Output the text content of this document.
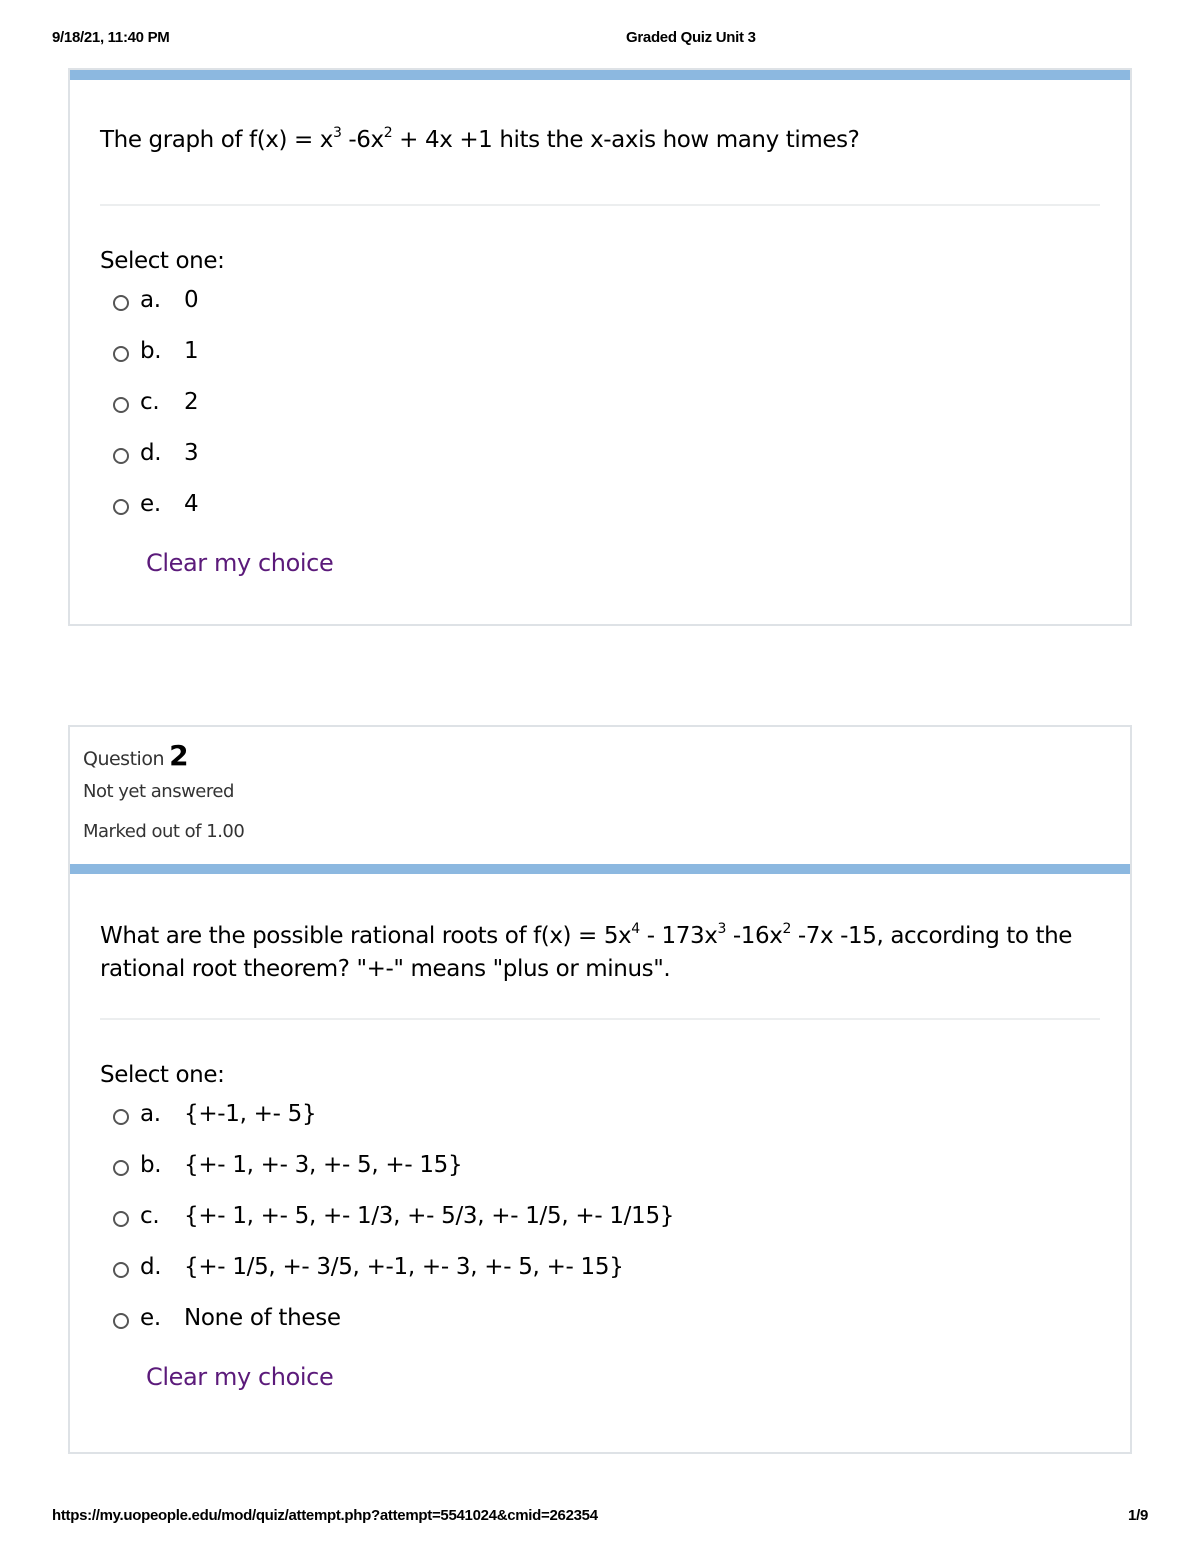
9/18/21, 11:40 PM	Graded Quiz Unit 3
The graph of $f(x) = x^3$ $-6x^2 + 4x +1$ hits the x-axis how many times?
Select one:
a. 0
b. 1
c. 2
d. 3
e. 4
Clear my choice
Question 2
Not yet answered
Marked out of 1.00
What are the possible rational roots of $f(x) = 5x^4 - 173x^3$ $-16x^2$ -7x -15, according to the rational root theorem? "+-" means "plus or minus".
Select one:
a. {+-1, +- 5}
b. {+- 1, +- 3, +- 5, +- 15}
c. {+- 1, +- 5, +- 1/3, +- 5/3, +- 1/5, +- 1/15}
d. {+- 1/5, +- 3/5, +-1, +- 3, +- 5, +- 15}
e. None of these
Clear my choice
https://my.uopeople.edu/mod/quiz/attempt.php?attempt=5541024&cmid=262354	1/9
